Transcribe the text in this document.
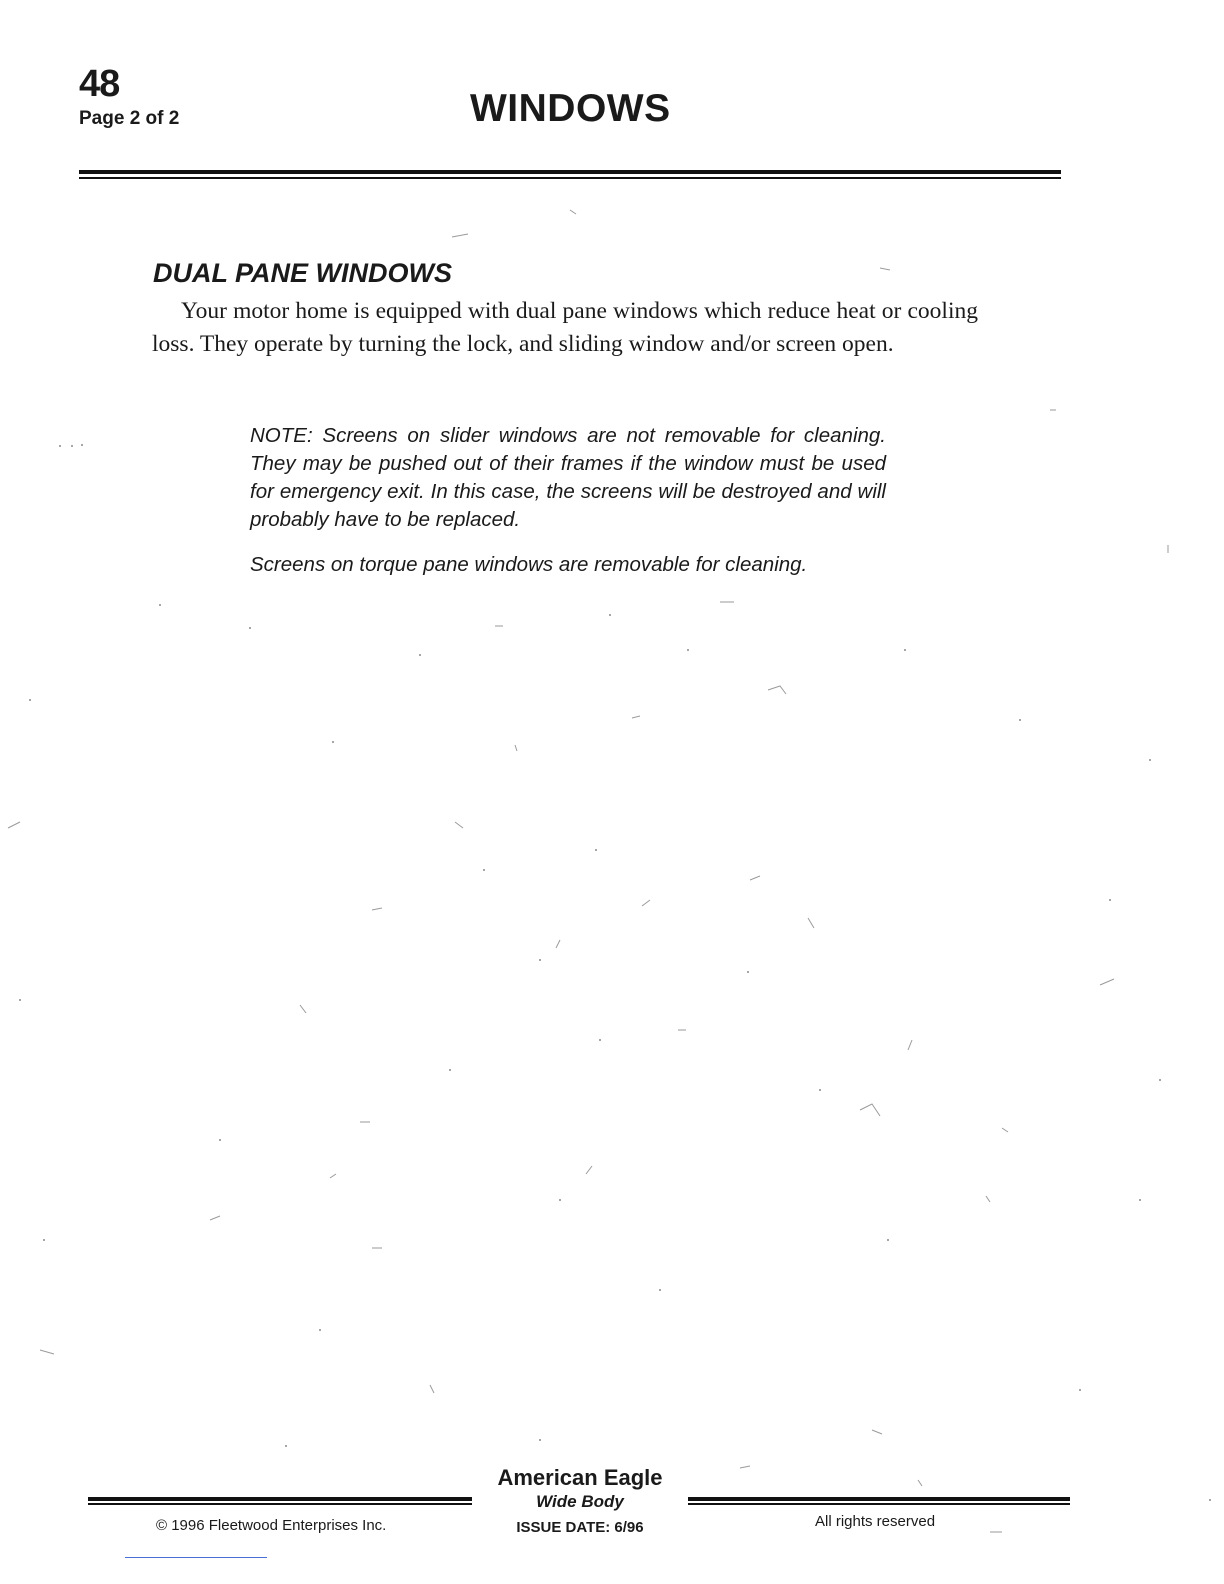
48
Page 2 of 2	WINDOWS
DUAL PANE WINDOWS

Your motor home is equipped with dual pane windows which reduce heat or cooling loss. They operate by turning the lock, and sliding window and/or screen open.

NOTE: Screens on slider windows are not removable for cleaning. They may be pushed out of their frames if the window must be used for emergency exit. In this case, the screens will be destroyed and will probably have to be replaced.

Screens on torque pane windows are removable for cleaning.

American Eagle
Wide Body
ISSUE DATE: 6/96
© 1996 Fleetwood Enterprises Inc.	All rights reserved
